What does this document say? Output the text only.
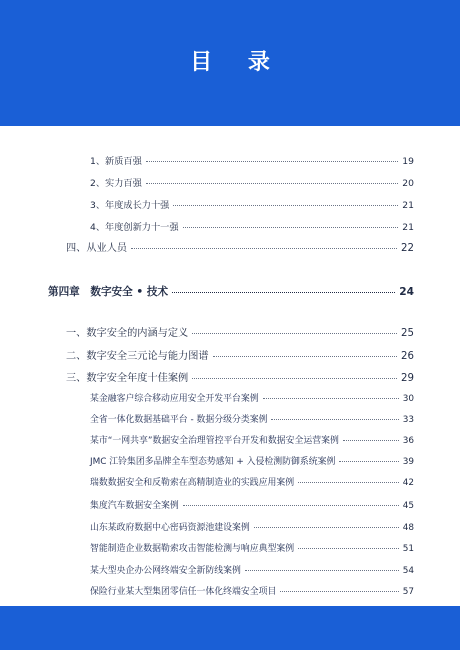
目 录
1、新质百强	19
2、实力百强	20
3、年度成长力十强	21
4、年度创新力十一强	21
四、从业人员	22
第四章　数字安全 • 技术	24
一、数字安全的内涵与定义	25
二、数字安全三元论与能力图谱	26
三、数字安全年度十佳案例	29
某金融客户综合移动应用安全开发平台案例	30
全省一体化数据基础平台 - 数据分级分类案例	33
某市“一网共享”数据安全治理管控平台开发和数据安全运营案例	36
JMC 江铃集团多品牌全车型态势感知 + 入侵检测防御系统案例	39
瑞数数据安全和反勒索在高精制造业的实践应用案例	42
集度汽车数据安全案例	45
山东某政府数据中心密码资源池建设案例	48
智能制造企业数据勒索攻击智能检测与响应典型案例	51
某大型央企办公网终端安全新防线案例	54
保险行业某大型集团零信任一体化终端安全项目	57
